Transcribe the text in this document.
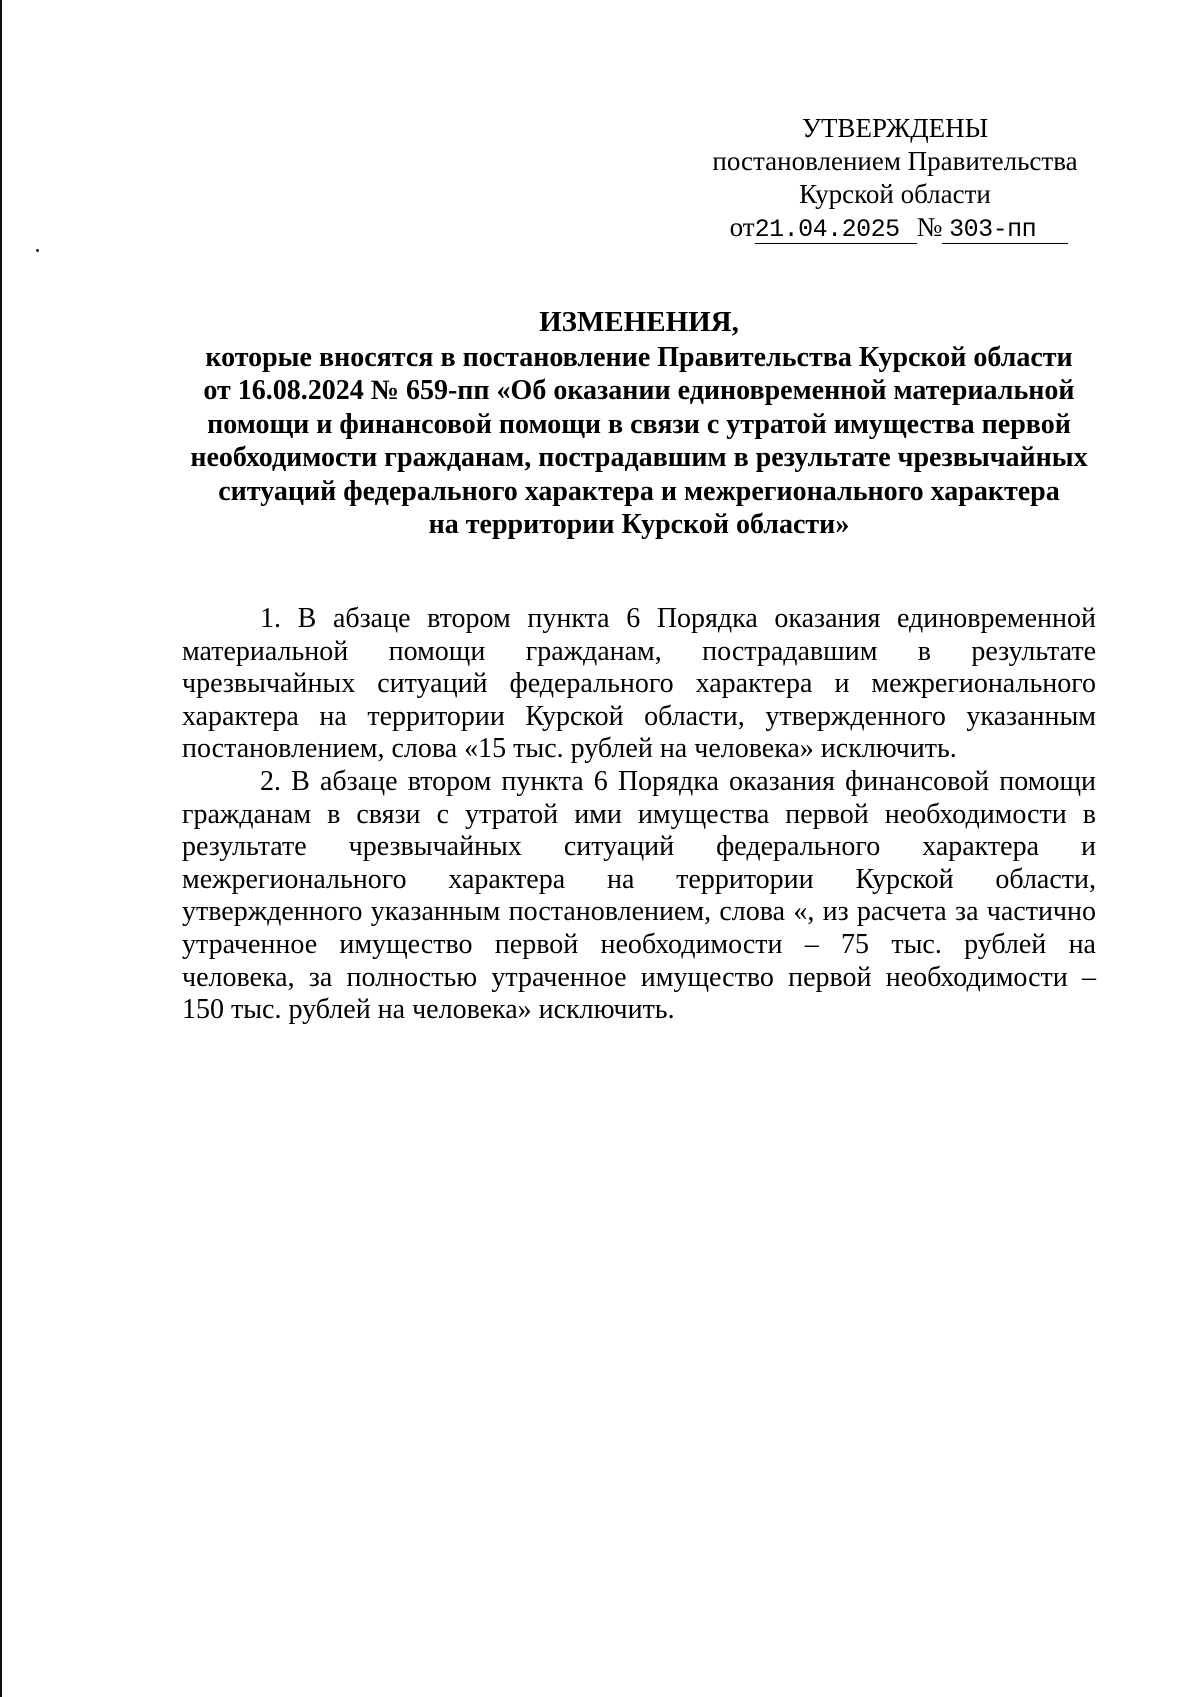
УТВЕРЖДЕНЫ
постановлением Правительства
Курской области
от21.04.2025 № 303-пп
ИЗМЕНЕНИЯ,
которые вносятся в постановление Правительства Курской области
от 16.08.2024 № 659-пп «Об оказании единовременной материальной
помощи и финансовой помощи в связи с утратой имущества первой
необходимости гражданам, пострадавшим в результате чрезвычайных
ситуаций федерального характера и межрегионального характера
на территории Курской области»
1. В абзаце втором пункта 6 Порядка оказания единовременной
материальной помощи гражданам, пострадавшим в результате
чрезвычайных ситуаций федерального характера и межрегионального
характера на территории Курской области, утвержденного указанным
постановлением, слова «15 тыс. рублей на человека» исключить.
2. В абзаце втором пункта 6 Порядка оказания финансовой помощи
гражданам в связи с утратой ими имущества первой необходимости в
результате чрезвычайных ситуаций федерального характера и
межрегионального характера на территории Курской области,
утвержденного указанным постановлением, слова «, из расчета за частично
утраченное имущество первой необходимости – 75 тыс. рублей на
человека, за полностью утраченное имущество первой необходимости –
150 тыс. рублей на человека» исключить.
